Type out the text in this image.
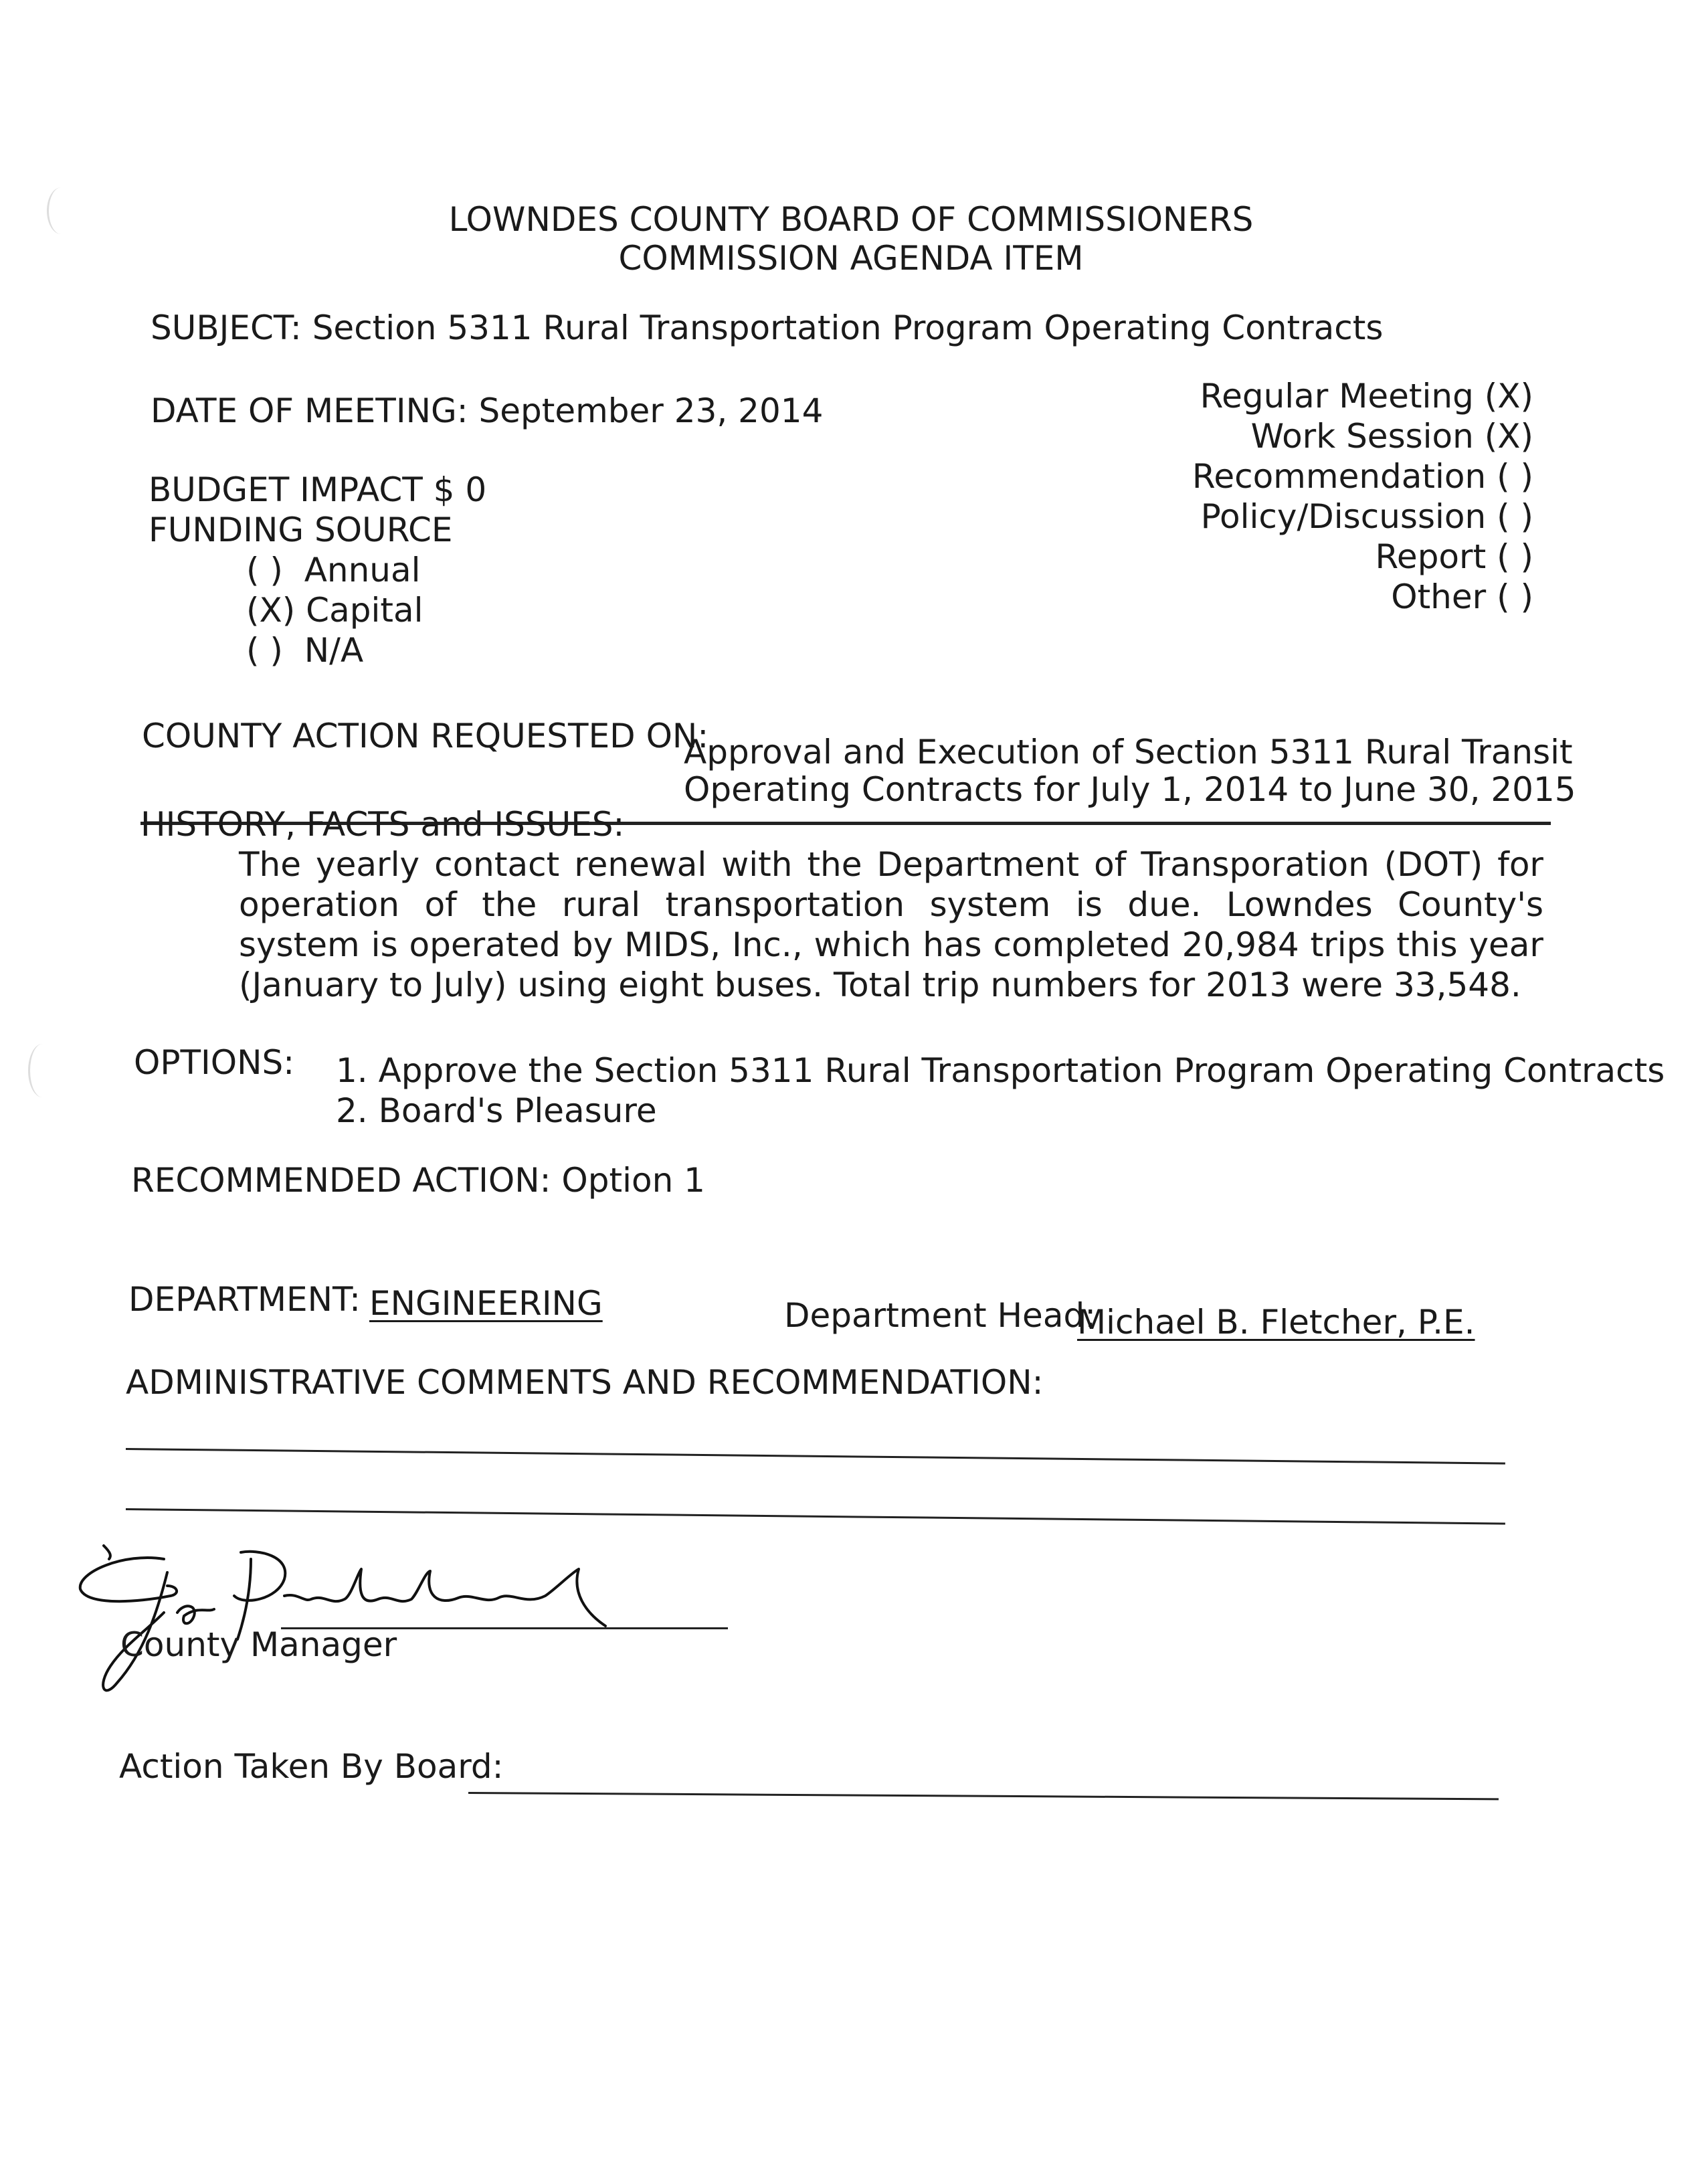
LOWNDES COUNTY BOARD OF COMMISSIONERS
COMMISSION AGENDA ITEM
SUBJECT: Section 5311 Rural Transportation Program Operating Contracts
DATE OF MEETING: September 23, 2014	Regular Meeting (X)
Work Session (X)
Recommendation ( )
Policy/Discussion ( )
Report ( )
Other ( )
BUDGET IMPACT $ 0
FUNDING SOURCE
( )  Annual
(X) Capital
( )  N/A
COUNTY ACTION REQUESTED ON:
Approval and Execution of Section 5311 Rural Transit
Operating Contracts for July 1, 2014 to June 30, 2015
HISTORY, FACTS and ISSUES:
The yearly contact renewal with the Department of Transporation (DOT) for operation of the rural transportation system is due. Lowndes County's system is operated by MIDS, Inc., which has completed 20,984 trips this year (January to July) using eight buses. Total trip numbers for 2013 were 33,548.
OPTIONS: 1. Approve the Section 5311 Rural Transportation Program Operating Contracts
2. Board's Pleasure
RECOMMENDED ACTION: Option 1
DEPARTMENT: ENGINEERING	Department Head:
Michael B. Fletcher, P.E.
ADMINISTRATIVE COMMENTS AND RECOMMENDATION:
County Manager
Action Taken By Board:
